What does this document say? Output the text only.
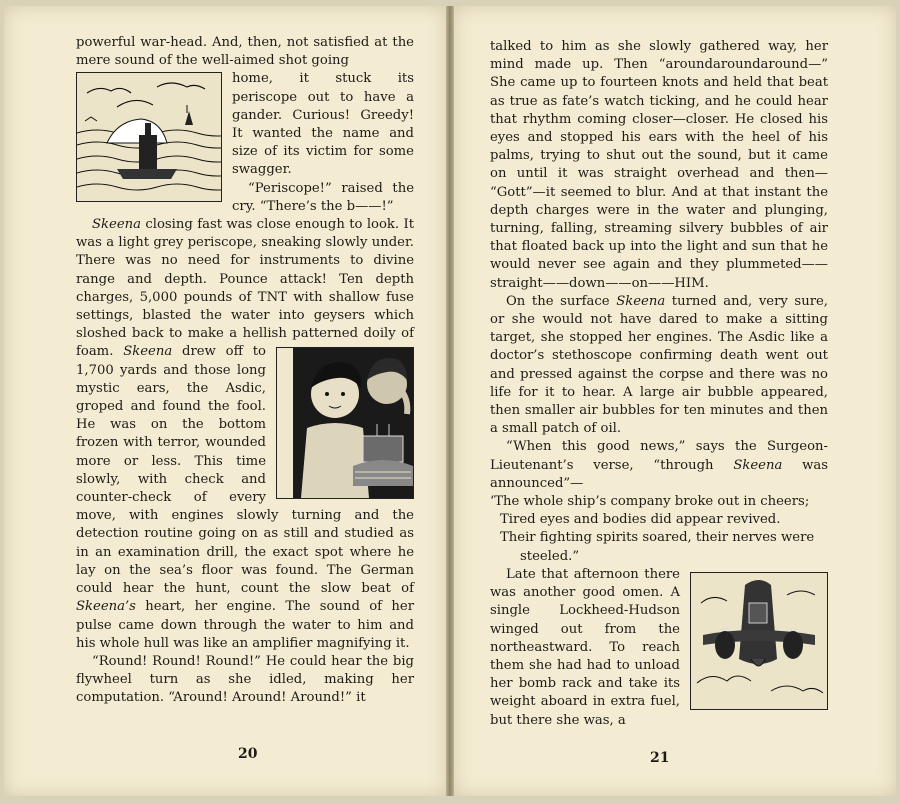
powerful war-head. And, then, not satisfied at the mere sound of the well-aimed shot going

home, it stuck its periscope out to have a gander. Curious! Greedy! It wanted the name and size of its victim for some swagger.

“Periscope!” raised the cry. “There’s the b——!”

Skeena closing fast was close enough to look. It was a light grey periscope, sneaking slowly under. There was no need for instruments to divine range and depth. Pounce attack! Ten depth charges, 5,000 pounds of TNT with shallow fuse settings, blasted the water into geysers which sloshed back to make a hellish patterned doily of foam. Skeena
drew off to 1,700 yards and those long mystic ears, the Asdic, groped and found the fool. He was on the bottom frozen with terror, wounded more or less. This time slowly, with check and counter-check of every move, with engines slowly turning and the detection routine going on as still and studied as in an examination drill, the exact spot where he lay on the sea’s floor was found. The German could hear the hunt, count the slow beat of Skeena’s heart, her engine. The sound of her pulse came down through the water to him and his whole hull was like an amplifier magnifying it.

“Round! Round! Round!” He could hear the big flywheel turn as she idled, making her computation. “Around! Around! Around!” it

20

talked to him as she slowly gathered way, her mind made up. Then “aroundaroundaround—” She came up to fourteen knots and held that beat as true as fate’s watch ticking, and he could hear that rhythm coming closer—closer. He closed his eyes and stopped his ears with the heel of his palms, trying to shut out the sound, but it came on until it was straight overhead and then— “Gott”—it seemed to blur. And at that instant the depth charges were in the water and plunging, turning, falling, streaming silvery bubbles of air that floated back up into the light and sun that he would never see again and they plummeted——straight——down——on——HIM.

On the surface Skeena turned and, very sure, or she would not have dared to make a sitting target, she stopped her engines. The Asdic like a doctor’s stethoscope confirming death went out and pressed against the corpse and there was no life for it to hear. A large air bubble appeared, then smaller air bubbles for ten minutes and then a small patch of oil.

“When this good news,” says the Surgeon-Lieutenant’s verse, “through Skeena was announced”—

‘The whole ship’s company broke out in cheers;

Tired eyes and bodies did appear revived.

Their fighting spirits soared, their nerves were

steeled.”

Late that afternoon there was another good omen. A single Lockheed-Hudson winged out from the northeastward. To reach them she had had to unload her bomb rack and take its weight aboard in extra fuel, but there she was, a

21
